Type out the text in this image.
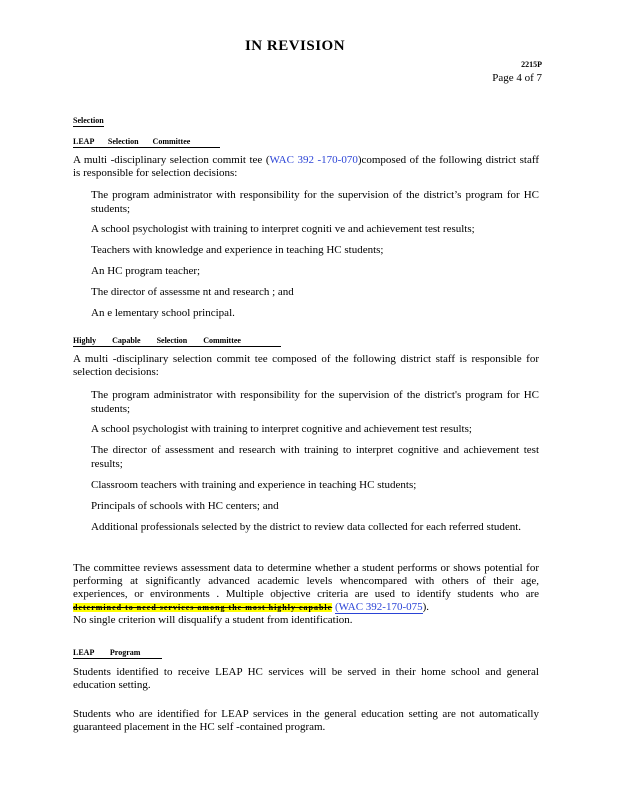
IN REVISION
2215P
Page 4 of 7
Selection
LEAP Selection Committee
A multi -disciplinary selection commit tee (WAC 392 -170-070)composed of the following district staff is responsible for selection decisions:
The program administrator with responsibility for the supervision of the district’s program for HC students;
A school psychologist with training to interpret cogniti ve and achievement test results;
Teachers with knowledge and experience in teaching HC students;
An HC program teacher;
The director of assessme nt and research ; and
An e lementary school principal.
Highly Capable Selection Committee
A multi -disciplinary selection commit tee composed of the following district staff is responsible for selection decisions:
The program administrator with responsibility for the supervision of the district's program for HC students;
A school psychologist with training to interpret cognitive and achievement test results;
The director of assessment and research with training to interpret cognitive and achievement test results;
Classroom teachers with training and experience in teaching HC students;
Principals of schools with HC centers; and
Additional professionals selected by the district to review data collected for each referred student.
The committee reviews assessment data to determine whether a student performs or shows potential for performing at significantly advanced academic levels whencompared with others of their age, experiences, or environments . Multiple objective criteria are used to identify students who are determined to need services among the most highly capable (WAC 392-170-075).
No single criterion will disqualify a student from identification.
LEAP Program
Students identified to receive LEAP HC services will be served in their home school and general education setting.
Students who are identified for LEAP services in the general education setting are not automatically guaranteed placement in the HC self -contained program.
